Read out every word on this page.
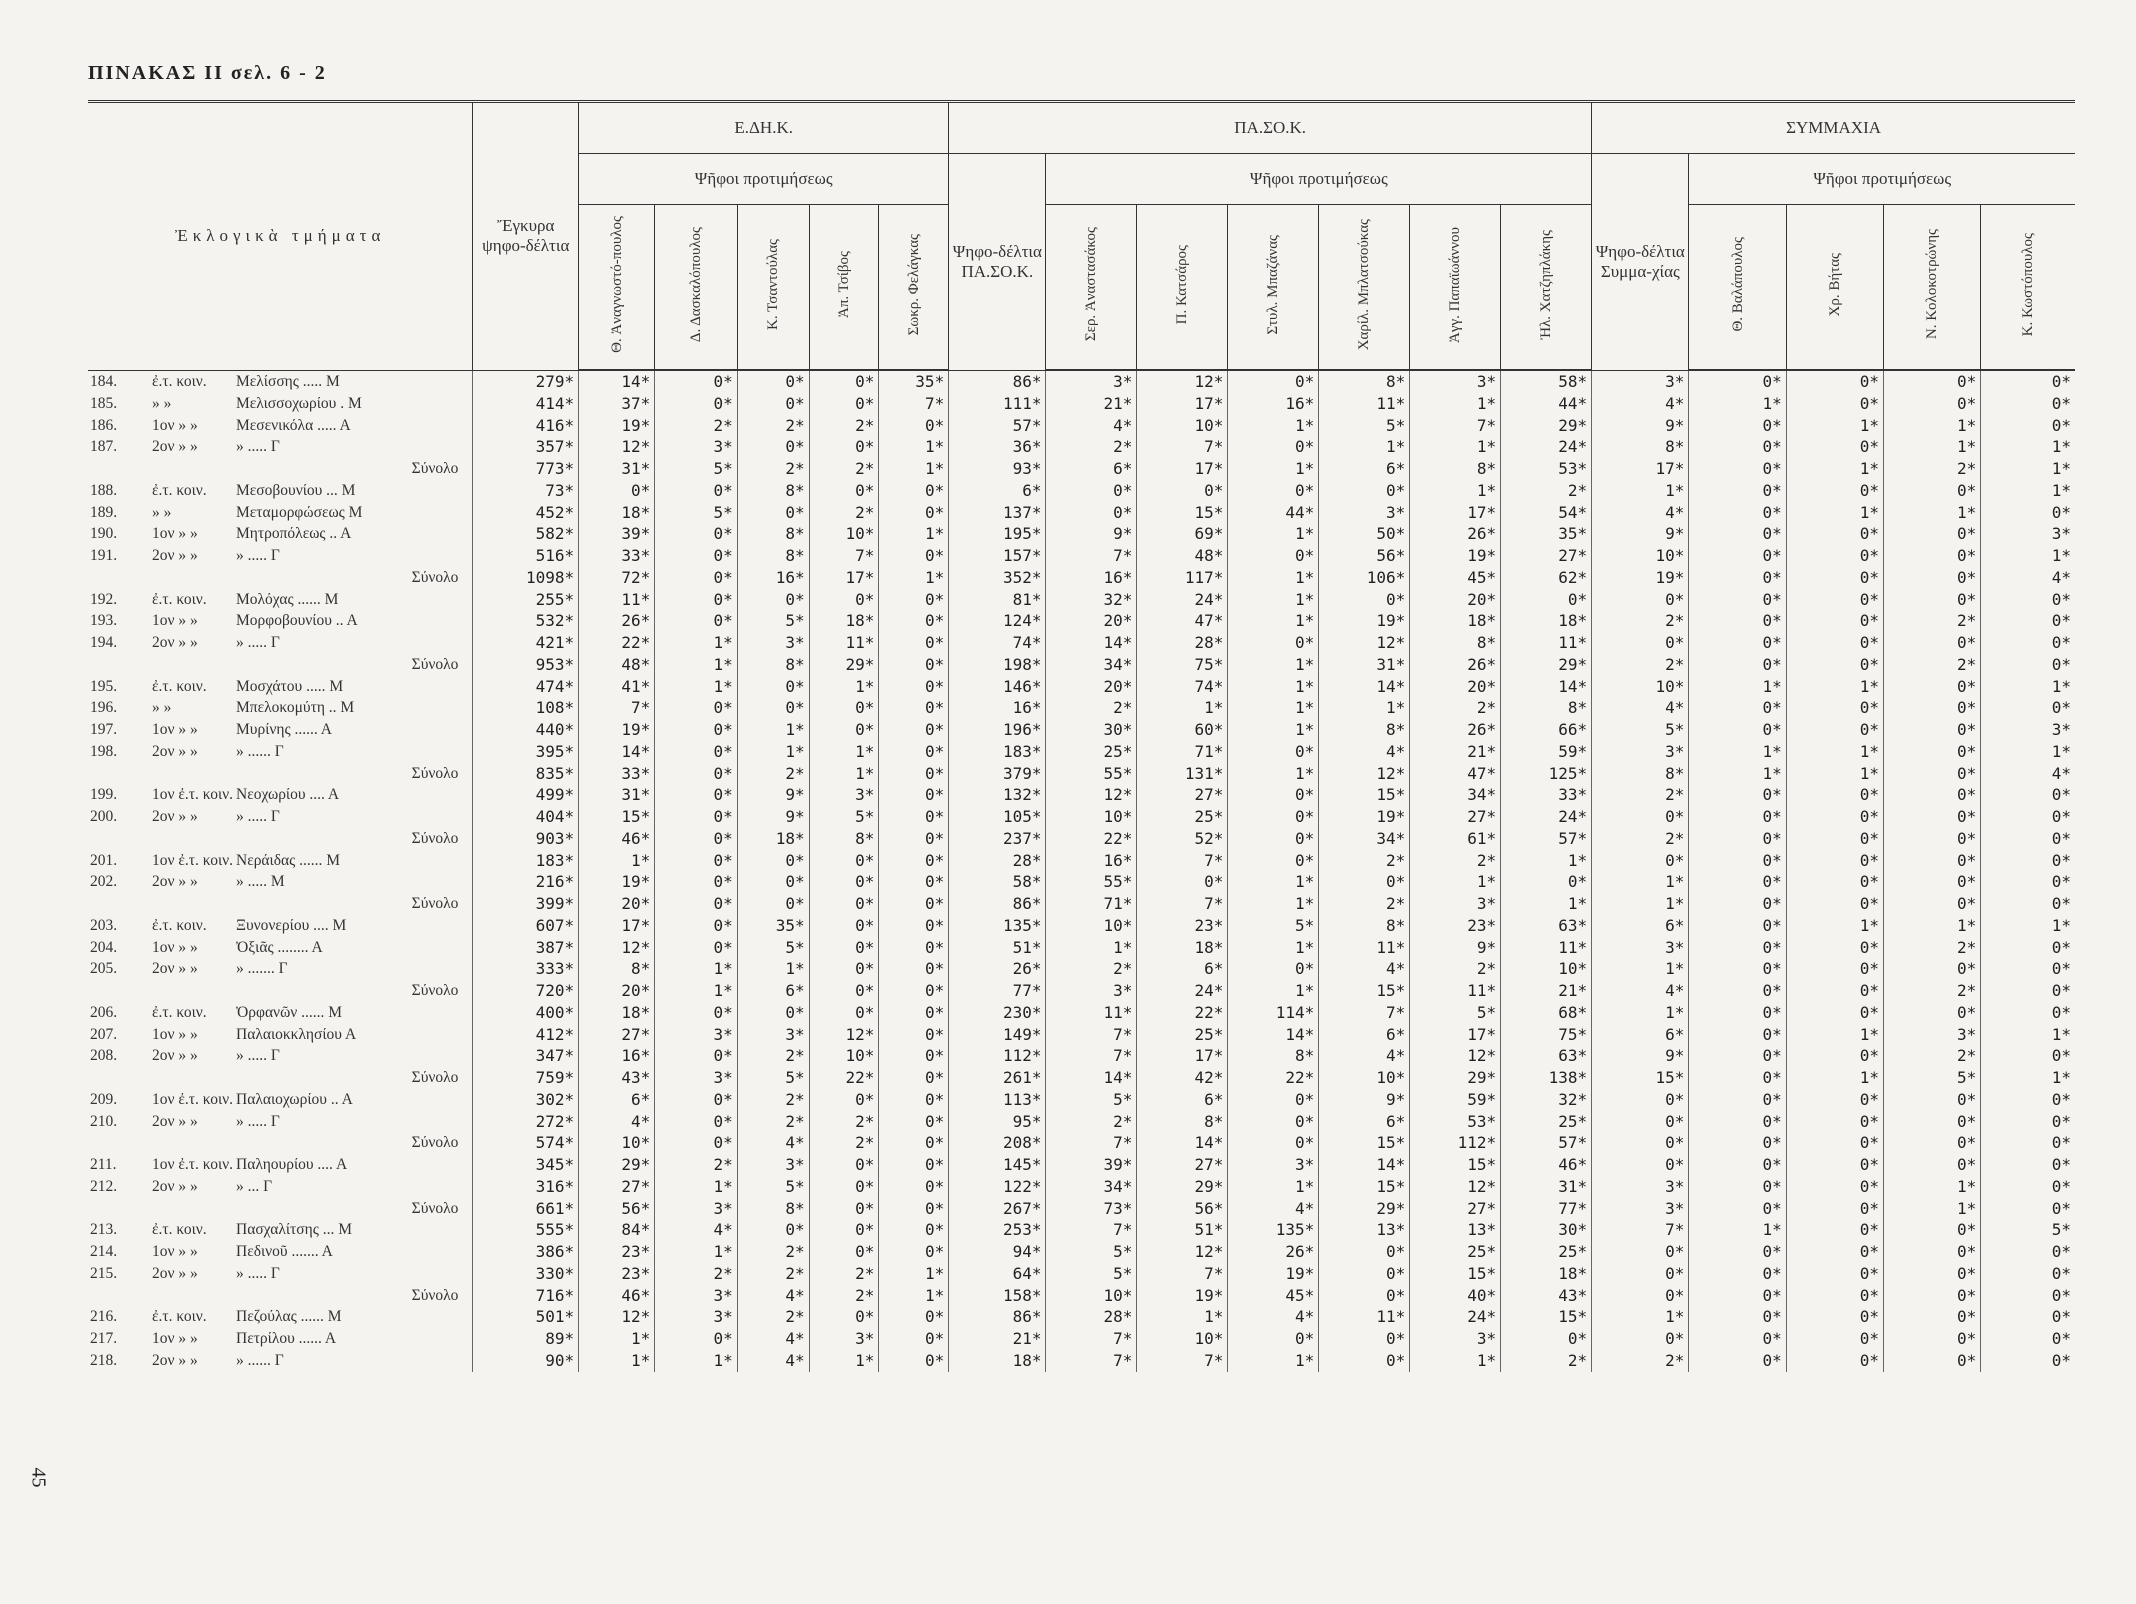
ΠΙΝΑΚΑΣ ΙΙ σελ. 6 - 2
45
Ἐκλογικὰ τμήματα	Ἔγκυρα ψηφο-δέλτια	Ε.ΔΗ.Κ.					ΠΑ.ΣΟ.Κ.							ΣΥΜΜΑΧΙΑ				
		Ψῆφοι προτιμήσεως					Ψηφο-δέλτια ΠΑ.ΣΟ.Κ.	Ψῆφοι προτιμήσεως						Ψηφο-δέλτια Συμμα-χίας	Ψῆφοι προτιμήσεως			
		Θ. Ἀναγνωστό-πουλος	Δ. Δασκαλόπουλος	Κ. Τσαντούλας	Ἀπ. Τσίβος	Σωκρ. Φελάγκας		Σερ. Ἀναστασάκος	Π. Κατσάρος	Στυλ. Μπαζάνας	Χαρίλ. Μπλατσούκας	Ἀγγ. Παπαϊωάννου	Ἠλ. Χατζηπλάκης		Θ. Βαλάπουλος	Χρ. Βήτας	Ν. Κολοκοτρώνης	Κ. Κωστόπουλος
184. ἐ.τ. κοιν. Μελίσσης ..... Μ	279*	14*	0*	0*	0*	35*	86*	3*	12*	0*	8*	3*	58*	3*	0*	0*	0*	0*
185. » » Μελισσοχωρίου . Μ	414*	37*	0*	0*	0*	7*	111*	21*	17*	16*	11*	1*	44*	4*	1*	0*	0*	0*
186. 1ον » » Μεσενικόλα ..... Α	416*	19*	2*	2*	2*	0*	57*	4*	10*	1*	5*	7*	29*	9*	0*	1*	1*	0*
187. 2ον » » » ..... Γ	357*	12*	3*	0*	0*	1*	36*	2*	7*	0*	1*	1*	24*	8*	0*	0*	1*	1*

Σύνολο	773*	31*	5*	2*	2*	1*	93*	6*	17*	1*	6*	8*	53*	17*	0*	1*	2*	1*
188. ἐ.τ. κοιν. Μεσοβουνίου ... Μ	73*	0*	0*	8*	0*	0*	6*	0*	0*	0*	0*	1*	2*	1*	0*	0*	0*	1*
189. » » Μεταμορφώσεως Μ	452*	18*	5*	0*	2*	0*	137*	0*	15*	44*	3*	17*	54*	4*	0*	1*	1*	0*
190. 1ον » » Μητροπόλεως .. Α	582*	39*	0*	8*	10*	1*	195*	9*	69*	1*	50*	26*	35*	9*	0*	0*	0*	3*
191. 2ον » » » ..... Γ	516*	33*	0*	8*	7*	0*	157*	7*	48*	0*	56*	19*	27*	10*	0*	0*	0*	1*

Σύνολο	1098*	72*	0*	16*	17*	1*	352*	16*	117*	1*	106*	45*	62*	19*	0*	0*	0*	4*
192. ἐ.τ. κοιν. Μολόχας ...... Μ	255*	11*	0*	0*	0*	0*	81*	32*	24*	1*	0*	20*	0*	0*	0*	0*	0*	0*
193. 1ον » » Μορφοβουνίου .. Α	532*	26*	0*	5*	18*	0*	124*	20*	47*	1*	19*	18*	18*	2*	0*	0*	2*	0*
194. 2ον » » » ..... Γ	421*	22*	1*	3*	11*	0*	74*	14*	28*	0*	12*	8*	11*	0*	0*	0*	0*	0*

Σύνολο	953*	48*	1*	8*	29*	0*	198*	34*	75*	1*	31*	26*	29*	2*	0*	0*	2*	0*
195. ἐ.τ. κοιν. Μοσχάτου ..... Μ	474*	41*	1*	0*	1*	0*	146*	20*	74*	1*	14*	20*	14*	10*	1*	1*	0*	1*
196. » » Μπελοκομύτη .. Μ	108*	7*	0*	0*	0*	0*	16*	2*	1*	1*	1*	2*	8*	4*	0*	0*	0*	0*
197. 1ον » » Μυρίνης ...... Α	440*	19*	0*	1*	0*	0*	196*	30*	60*	1*	8*	26*	66*	5*	0*	0*	0*	3*
198. 2ον » » » ...... Γ	395*	14*	0*	1*	1*	0*	183*	25*	71*	0*	4*	21*	59*	3*	1*	1*	0*	1*

Σύνολο	835*	33*	0*	2*	1*	0*	379*	55*	131*	1*	12*	47*	125*	8*	1*	1*	0*	4*
199. 1ον ἐ.τ. κοιν. Νεοχωρίου .... Α	499*	31*	0*	9*	3*	0*	132*	12*	27*	0*	15*	34*	33*	2*	0*	0*	0*	0*
200. 2ον » » » ..... Γ	404*	15*	0*	9*	5*	0*	105*	10*	25*	0*	19*	27*	24*	0*	0*	0*	0*	0*

Σύνολο	903*	46*	0*	18*	8*	0*	237*	22*	52*	0*	34*	61*	57*	2*	0*	0*	0*	0*
201. 1ον ἐ.τ. κοιν. Νεράιδας ...... Μ	183*	1*	0*	0*	0*	0*	28*	16*	7*	0*	2*	2*	1*	0*	0*	0*	0*	0*
202. 2ον » » » ..... Μ	216*	19*	0*	0*	0*	0*	58*	55*	0*	1*	0*	1*	0*	1*	0*	0*	0*	0*

Σύνολο	399*	20*	0*	0*	0*	0*	86*	71*	7*	1*	2*	3*	1*	1*	0*	0*	0*	0*
203. ἐ.τ. κοιν. Ξυνονερίου .... Μ	607*	17*	0*	35*	0*	0*	135*	10*	23*	5*	8*	23*	63*	6*	0*	1*	1*	1*
204. 1ον » » Ὀξιᾶς ........ Α	387*	12*	0*	5*	0*	0*	51*	1*	18*	1*	11*	9*	11*	3*	0*	0*	2*	0*
205. 2ον » » » ....... Γ	333*	8*	1*	1*	0*	0*	26*	2*	6*	0*	4*	2*	10*	1*	0*	0*	0*	0*

Σύνολο	720*	20*	1*	6*	0*	0*	77*	3*	24*	1*	15*	11*	21*	4*	0*	0*	2*	0*
206. ἐ.τ. κοιν. Ὀρφανῶν ...... Μ	400*	18*	0*	0*	0*	0*	230*	11*	22*	114*	7*	5*	68*	1*	0*	0*	0*	0*
207. 1ον » » Παλαιοκκλησίου Α	412*	27*	3*	3*	12*	0*	149*	7*	25*	14*	6*	17*	75*	6*	0*	1*	3*	1*
208. 2ον » » » ..... Γ	347*	16*	0*	2*	10*	0*	112*	7*	17*	8*	4*	12*	63*	9*	0*	0*	2*	0*

Σύνολο	759*	43*	3*	5*	22*	0*	261*	14*	42*	22*	10*	29*	138*	15*	0*	1*	5*	1*
209. 1ον ἐ.τ. κοιν. Παλαιοχωρίου .. Α	302*	6*	0*	2*	0*	0*	113*	5*	6*	0*	9*	59*	32*	0*	0*	0*	0*	0*
210. 2ον » » » ..... Γ	272*	4*	0*	2*	2*	0*	95*	2*	8*	0*	6*	53*	25*	0*	0*	0*	0*	0*

Σύνολο	574*	10*	0*	4*	2*	0*	208*	7*	14*	0*	15*	112*	57*	0*	0*	0*	0*	0*
211. 1ον ἐ.τ. κοιν. Παληουρίου .... Α	345*	29*	2*	3*	0*	0*	145*	39*	27*	3*	14*	15*	46*	0*	0*	0*	0*	0*
212. 2ον » » » ... Γ	316*	27*	1*	5*	0*	0*	122*	34*	29*	1*	15*	12*	31*	3*	0*	0*	1*	0*

Σύνολο	661*	56*	3*	8*	0*	0*	267*	73*	56*	4*	29*	27*	77*	3*	0*	0*	1*	0*
213. ἐ.τ. κοιν. Πασχαλίτσης ... Μ	555*	84*	4*	0*	0*	0*	253*	7*	51*	135*	13*	13*	30*	7*	1*	0*	0*	5*
214. 1ον » » Πεδινοῦ ....... Α	386*	23*	1*	2*	0*	0*	94*	5*	12*	26*	0*	25*	25*	0*	0*	0*	0*	0*
215. 2ον » » » ..... Γ	330*	23*	2*	2*	2*	1*	64*	5*	7*	19*	0*	15*	18*	0*	0*	0*	0*	0*

Σύνολο	716*	46*	3*	4*	2*	1*	158*	10*	19*	45*	0*	40*	43*	0*	0*	0*	0*	0*
216. ἐ.τ. κοιν. Πεζούλας ...... Μ	501*	12*	3*	2*	0*	0*	86*	28*	1*	4*	11*	24*	15*	1*	0*	0*	0*	0*
217. 1ον » » Πετρίλου ...... Α	89*	1*	0*	4*	3*	0*	21*	7*	10*	0*	0*	3*	0*	0*	0*	0*	0*	0*
218. 2ον » » » ...... Γ	90*	1*	1*	4*	1*	0*	18*	7*	7*	1*	0*	1*	2*	2*	0*	0*	0*	0*
